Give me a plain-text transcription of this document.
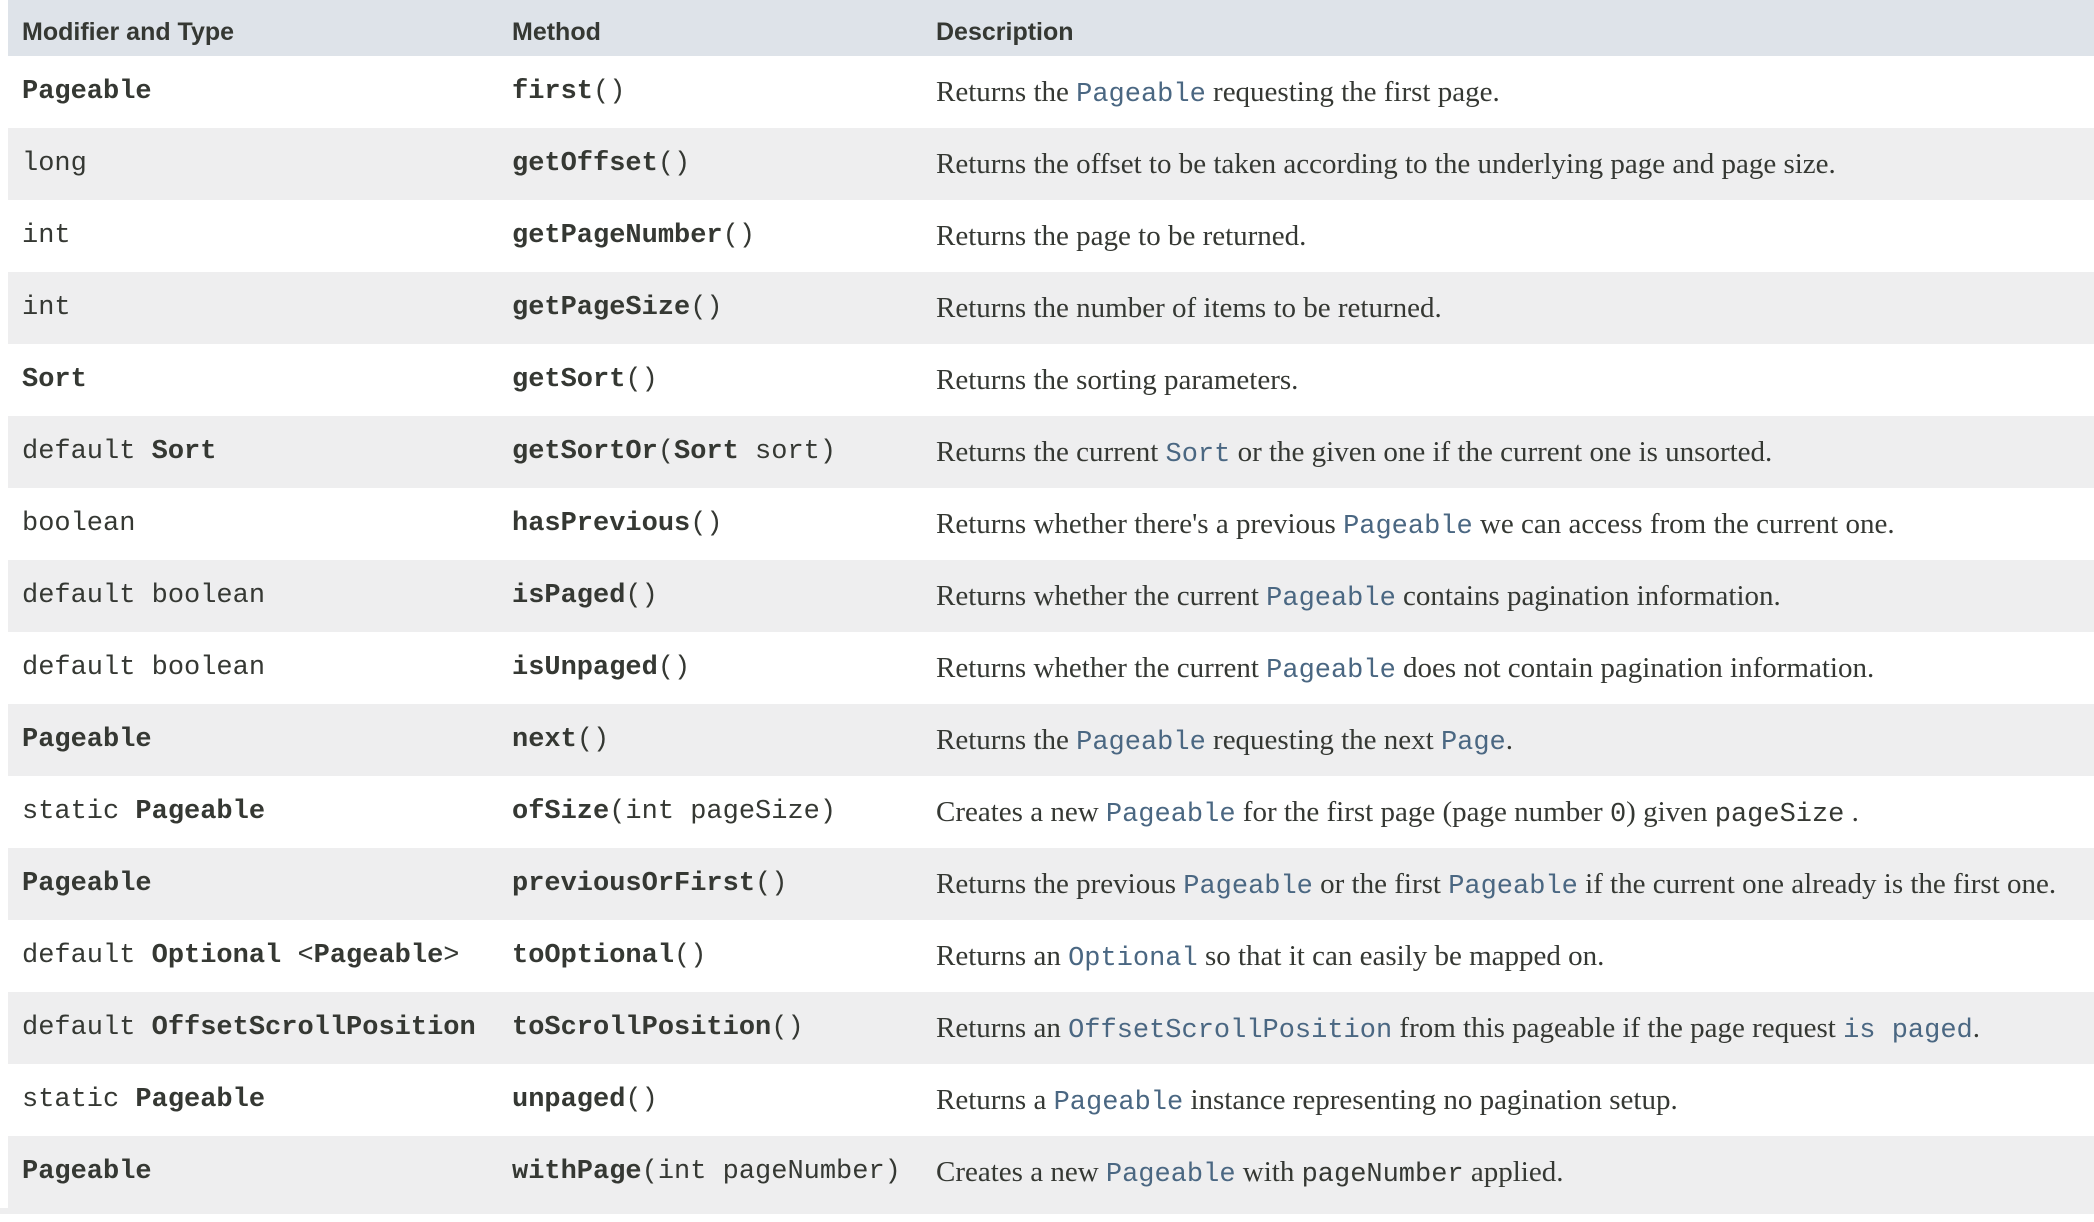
Modifier and Type	Method	Description
Pageable	first()	Returns the Pageable requesting the first page.
long	getOffset()	Returns the offset to be taken according to the underlying page and page size.
int	getPageNumber()	Returns the page to be returned.
int	getPageSize()	Returns the number of items to be returned.
Sort	getSort()	Returns the sorting parameters.
default Sort	getSortOr(Sort sort)	Returns the current Sort or the given one if the current one is unsorted.
boolean	hasPrevious()	Returns whether there's a previous Pageable we can access from the current one.
default boolean	isPaged()	Returns whether the current Pageable contains pagination information.
default boolean	isUnpaged()	Returns whether the current Pageable does not contain pagination information.
Pageable	next()	Returns the Pageable requesting the next Page.
static Pageable	ofSize(int pageSize)	Creates a new Pageable for the first page (page number 0) given pageSize .
Pageable	previousOrFirst()	Returns the previous Pageable or the first Pageable if the current one already is the first one.
default Optional <Pageable>	toOptional()	Returns an Optional so that it can easily be mapped on.
default OffsetScrollPosition	toScrollPosition()	Returns an OffsetScrollPosition from this pageable if the page request is paged.
static Pageable	unpaged()	Returns a Pageable instance representing no pagination setup.
Pageable	withPage(int pageNumber)	Creates a new Pageable with pageNumber applied.
